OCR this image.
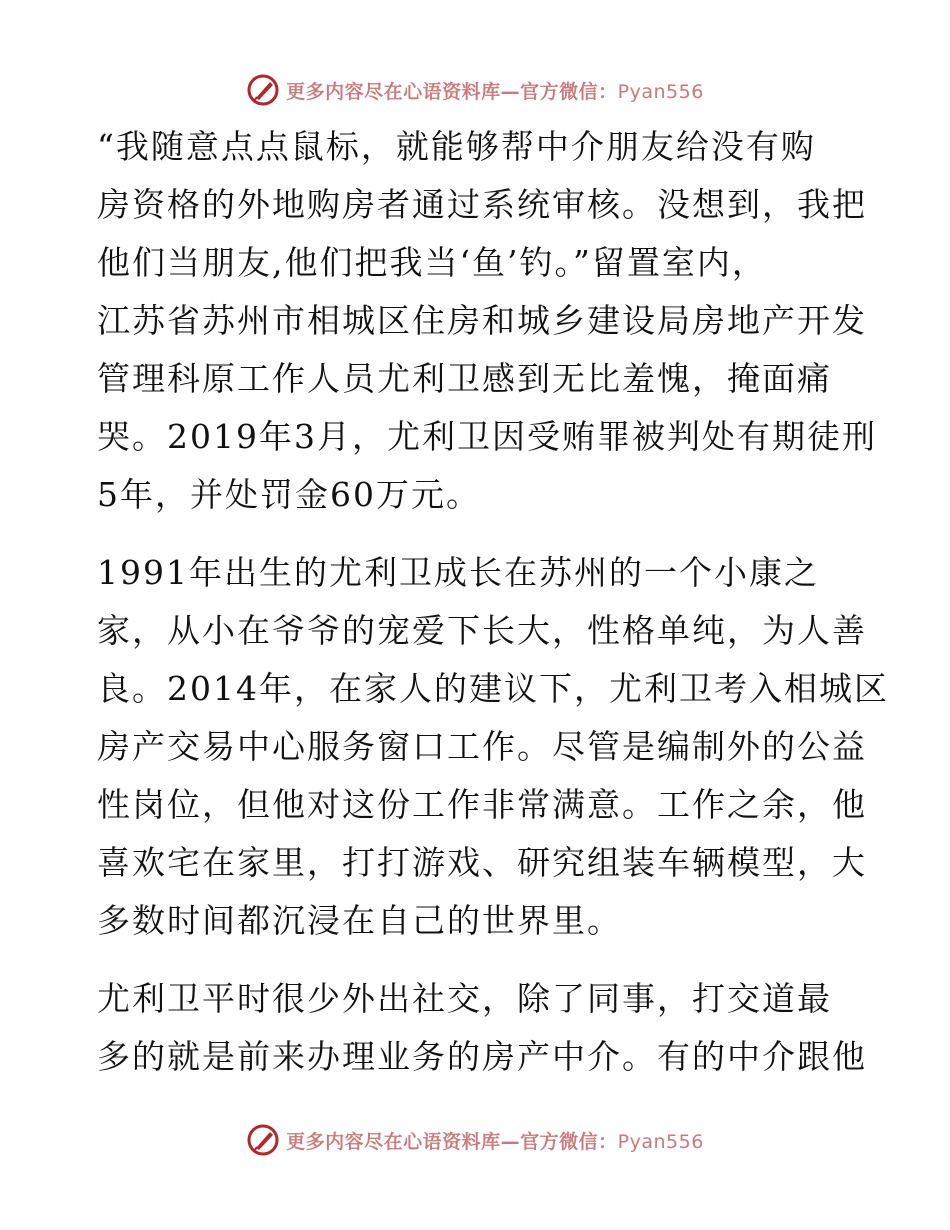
更多内容尽在心语资料库—官方微信：Pyan556

“我随意点点鼠标，就能够帮中介朋友给没有购
房资格的外地购房者通过系统审核。没想到，我把
他们当朋友,他们把我当‘鱼’钓。”留置室内，
江苏省苏州市相城区住房和城乡建设局房地产开发
管理科原工作人员尤利卫感到无比羞愧，掩面痛
哭。2019年3月，尤利卫因受贿罪被判处有期徒刑
5年，并处罚金60万元。

1991年出生的尤利卫成长在苏州的一个小康之
家，从小在爷爷的宠爱下长大，性格单纯，为人善
良。2014年，在家人的建议下，尤利卫考入相城区
房产交易中心服务窗口工作。尽管是编制外的公益
性岗位，但他对这份工作非常满意。工作之余，他
喜欢宅在家里，打打游戏、研究组装车辆模型，大
多数时间都沉浸在自己的世界里。

尤利卫平时很少外出社交，除了同事，打交道最
多的就是前来办理业务的房产中介。有的中介跟他

更多内容尽在心语资料库—官方微信：Pyan556
